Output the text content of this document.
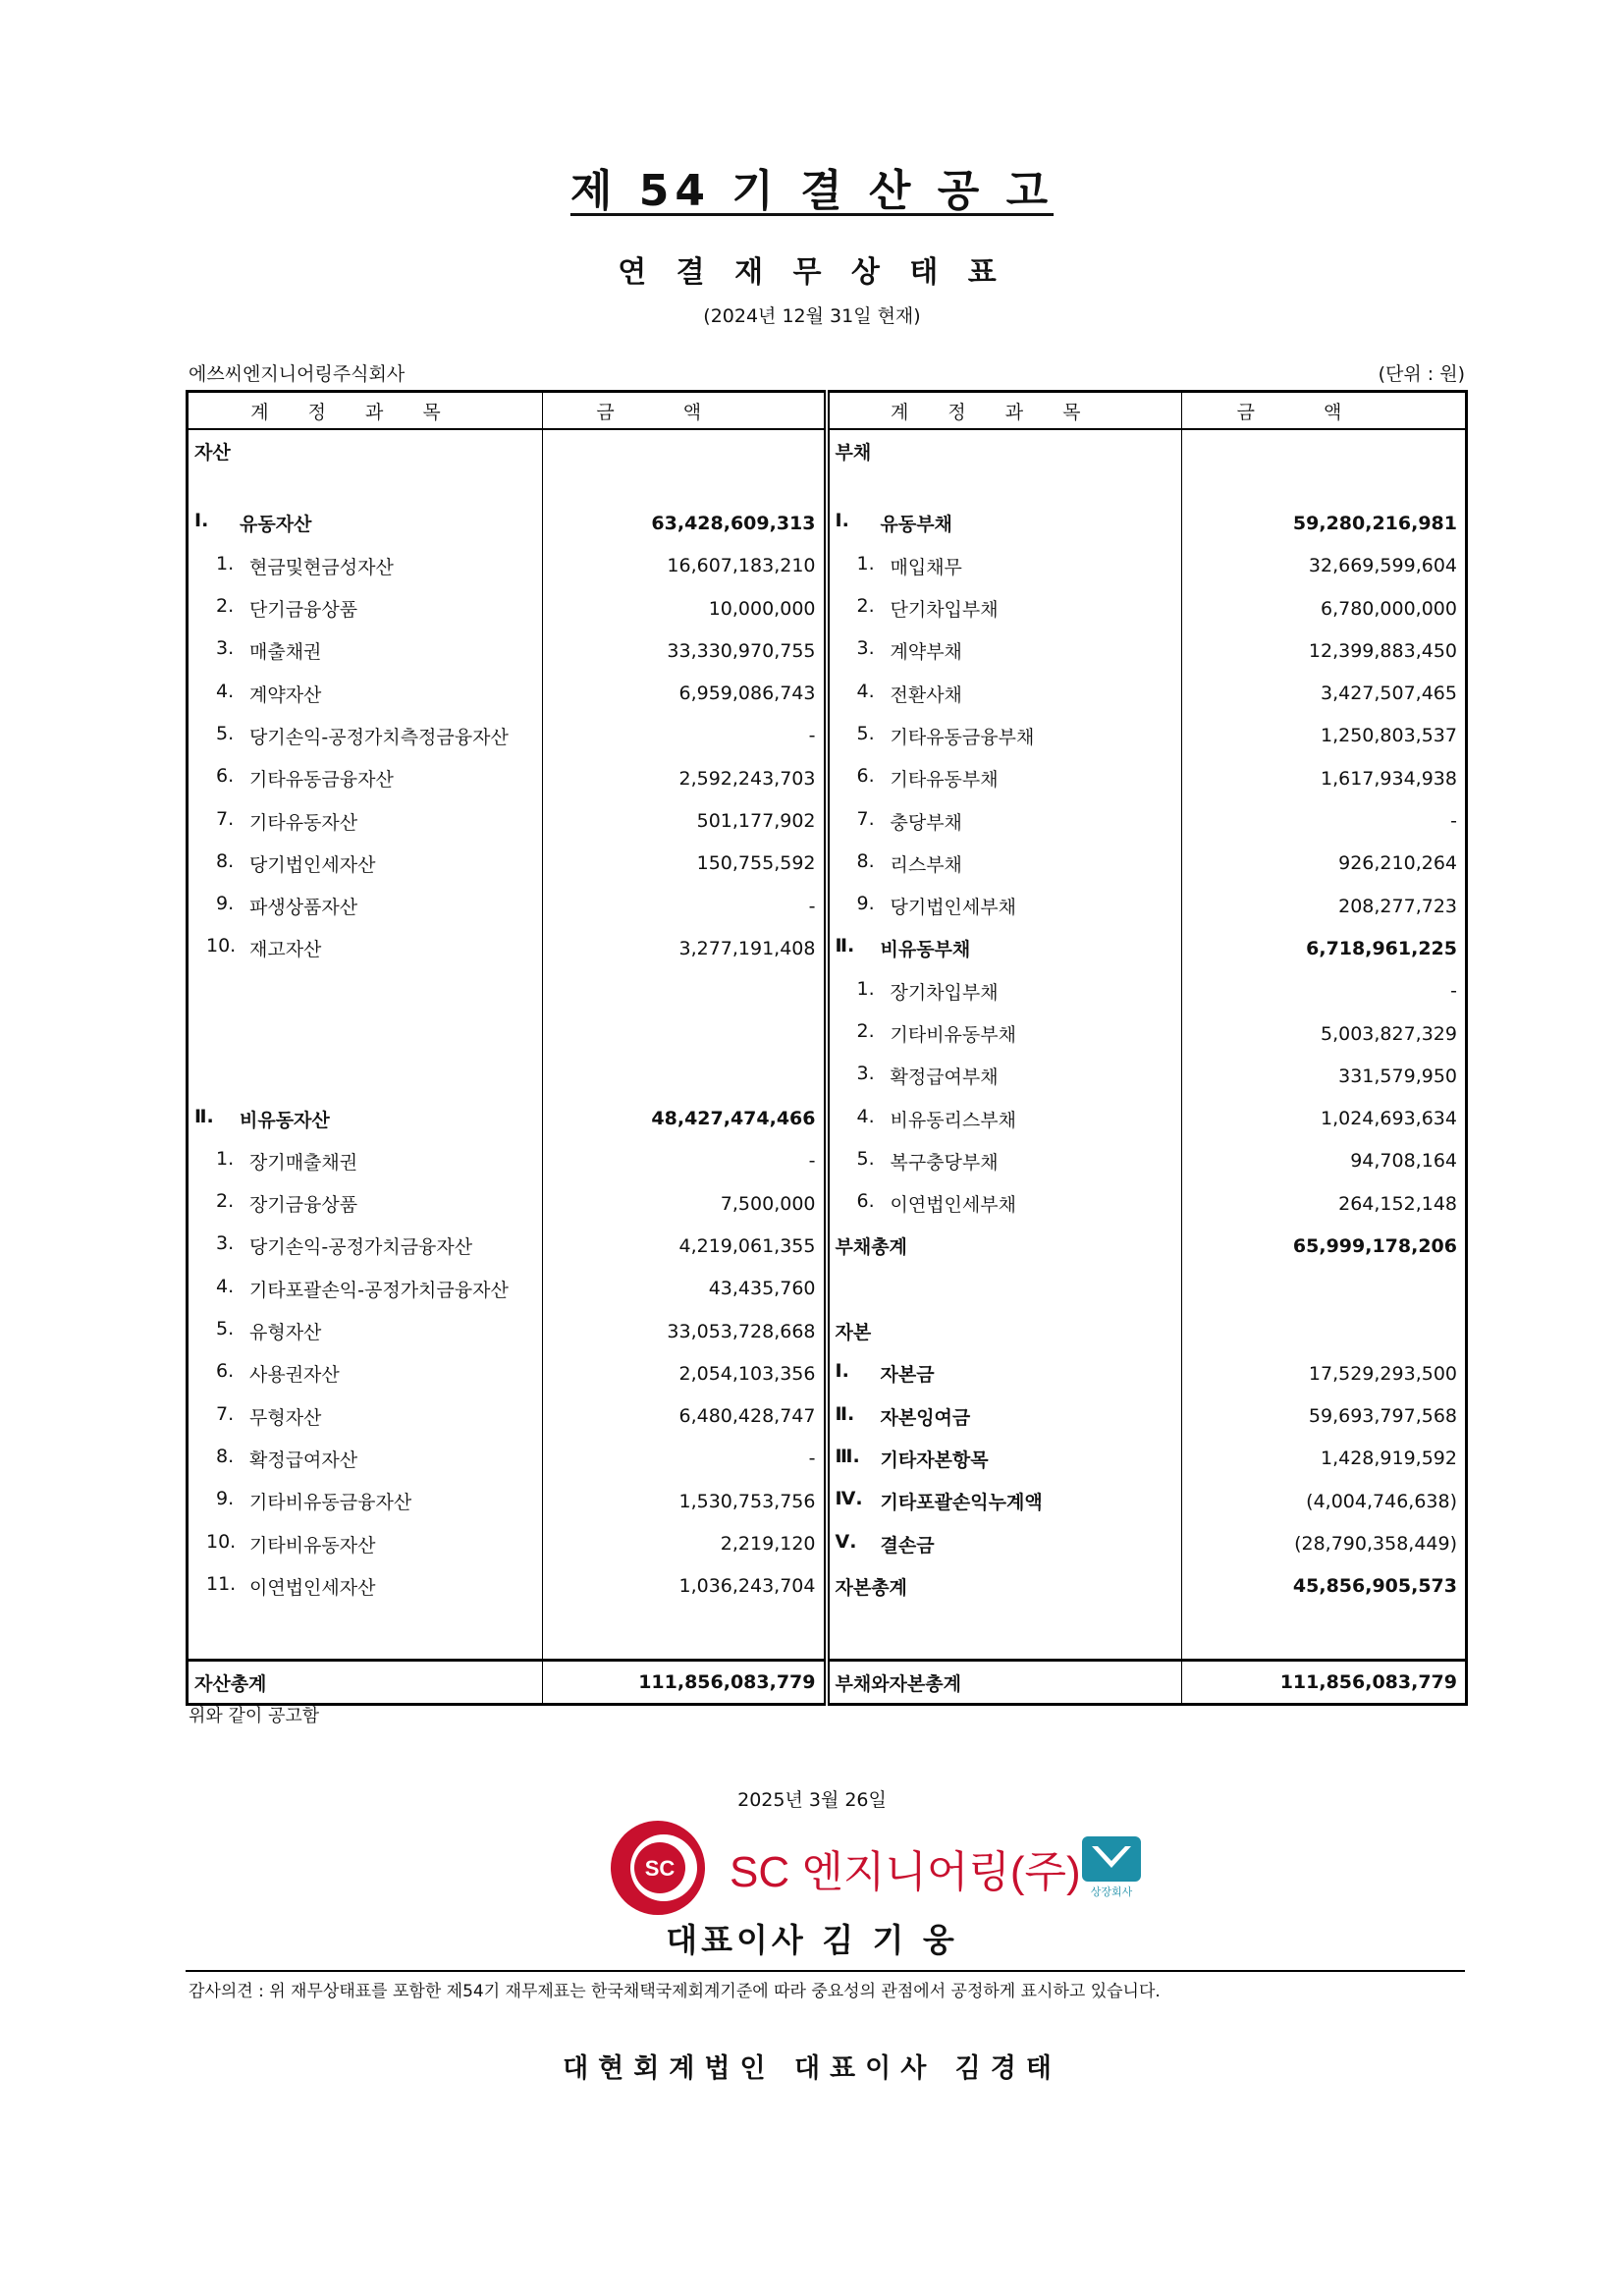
제 54 기 결 산 공 고
연 결 재 무 상 태 표
(2024년 12월 31일 현재)
에쓰씨엔지니어링주식회사	(단위 : 원)
계정과목	금액	계정과목	금액

자산		부채	

Ⅰ. 유동자산	63,428,609,313	Ⅰ. 유동부채	59,280,216,981

1. 현금및현금성자산	16,607,183,210	1. 매입채무	32,669,599,604

2. 단기금융상품	10,000,000	2. 단기차입부채	6,780,000,000

3. 매출채권	33,330,970,755	3. 계약부채	12,399,883,450

4. 계약자산	6,959,086,743	4. 전환사채	3,427,507,465

5. 당기손익-공정가치측정금융자산	-	5. 기타유동금융부채	1,250,803,537

6. 기타유동금융자산	2,592,243,703	6. 기타유동부채	1,617,934,938

7. 기타유동자산	501,177,902	7. 충당부채	-

8. 당기법인세자산	150,755,592	8. 리스부채	926,210,264

9. 파생상품자산	-	9. 당기법인세부채	208,277,723

10. 재고자산	3,277,191,408	Ⅱ. 비유동부채	6,718,961,225

		1. 장기차입부채	-

		2. 기타비유동부채	5,003,827,329

		3. 확정급여부채	331,579,950

Ⅱ. 비유동자산	48,427,474,466	4. 비유동리스부채	1,024,693,634

1. 장기매출채권	-	5. 복구충당부채	94,708,164

2. 장기금융상품	7,500,000	6. 이연법인세부채	264,152,148

3. 당기손익-공정가치금융자산	4,219,061,355	부채총계	65,999,178,206

4. 기타포괄손익-공정가치금융자산	43,435,760	

5. 유형자산	33,053,728,668	자본	

6. 사용권자산	2,054,103,356	Ⅰ. 자본금	17,529,293,500

7. 무형자산	6,480,428,747	Ⅱ. 자본잉여금	59,693,797,568

8. 확정급여자산	-	Ⅲ. 기타자본항목	1,428,919,592

9. 기타비유동금융자산	1,530,753,756	Ⅳ. 기타포괄손익누계액	(4,004,746,638)

10. 기타비유동자산	2,219,120	Ⅴ. 결손금	(28,790,358,449)

11. 이연법인세자산	1,036,243,704	자본총계	45,856,905,573

자산총계	111,856,083,779	부채와자본총계	111,856,083,779
위와 같이 공고함
2025년 3월 26일
SC SC 엔지니어링(주) 상장회사
대표이사 김 기 웅
감사의견 : 위 재무상태표를 포함한 제54기 재무제표는 한국채택국제회계기준에 따라 중요성의 관점에서 공정하게 표시하고 있습니다.
대현회계법인 대표이사 김경태
